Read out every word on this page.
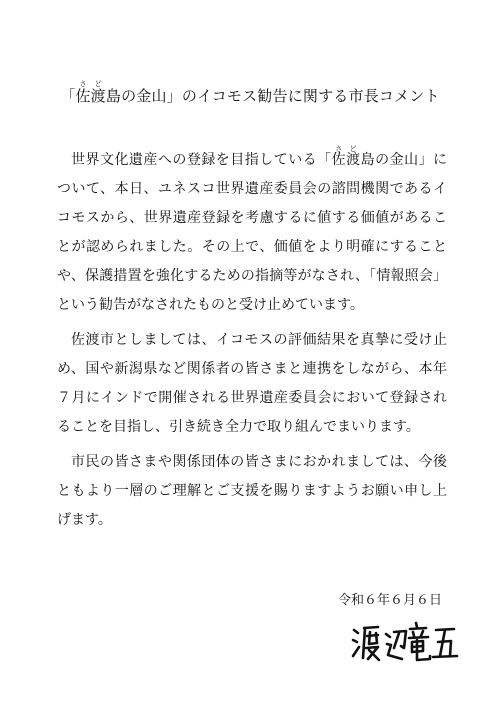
「佐渡さど島の金山」のイコモス勧告に関する市長コメント

世界文化遺産への登録を目指している「佐渡さど島の金山」について、本日、ユネスコ世界遺産委員会の諮問機関であるイコモスから、世界遺産登録を考慮するに値する価値があることが認められました。その上で、価値をより明確にすることや、保護措置を強化するための指摘等がなされ、「情報照会」という勧告がなされたものと受け止めています。

佐渡市としましては、イコモスの評価結果を真摯に受け止め、国や新潟県など関係者の皆さまと連携をしながら、本年７月にインドで開催される世界遺産委員会において登録されることを目指し、引き続き全力で取り組んでまいります。

市民の皆さまや関係団体の皆さまにおかれましては、今後ともより一層のご理解とご支援を賜りますようお願い申し上げます。

令和６年６月６日
